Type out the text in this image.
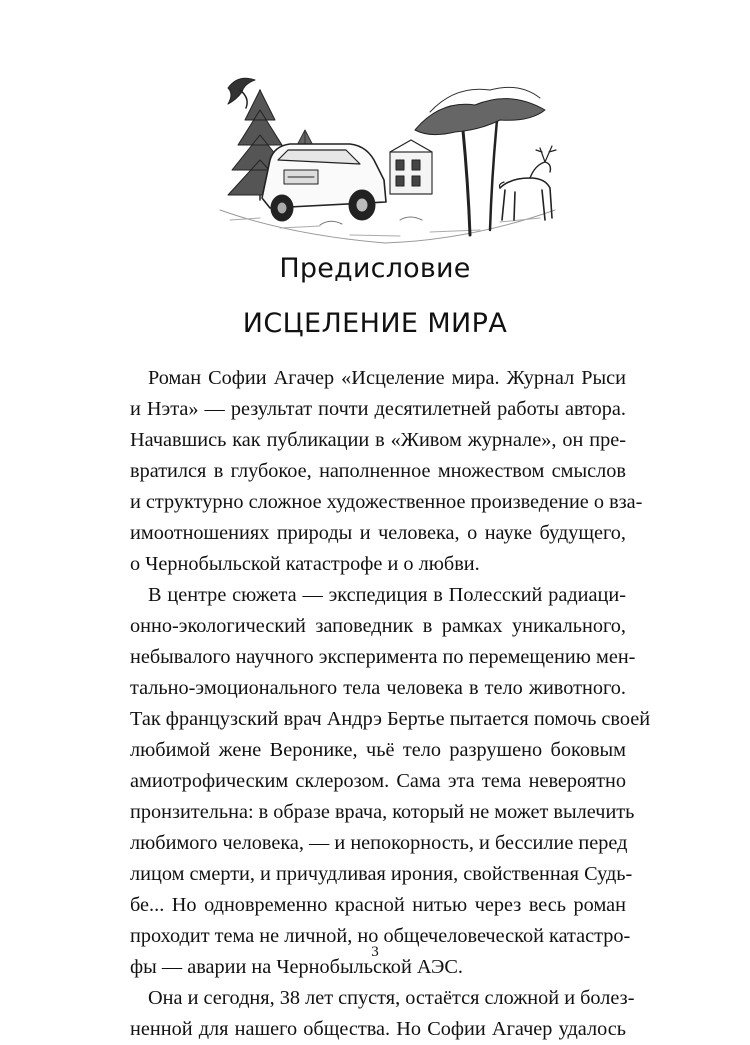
Предисловие
ИСЦЕЛЕНИЕ МИРА

Роман Софии Агачер «Исцеление мира. Журнал Рыси
и Нэта» — результат почти десятилетней работы автора.
Начавшись как публикации в «Живом журнале», он пре-
вратился в глубокое, наполненное множеством смыслов
и структурно сложное художественное произведение о вза-
имоотношениях природы и человека, о науке будущего,
о Чернобыльской катастрофе и о любви.

В центре сюжета — экспедиция в Полесский радиаци-
онно-экологический заповедник в рамках уникального,
небывалого научного эксперимента по перемещению мен-
тально-эмоционального тела человека в тело животного.
Так французский врач Андрэ Бертье пытается помочь своей
любимой жене Веронике, чьё тело разрушено боковым
амиотрофическим склерозом. Сама эта тема невероятно
пронзительна: в образе врача, который не может вылечить
любимого человека, — и непокорность, и бессилие перед
лицом смерти, и причудливая ирония, свойственная Судь-
бе... Но одновременно красной нитью через весь роман
проходит тема не личной, но общечеловеческой катастро-
фы — аварии на Чернобыльской АЭС.

Она и сегодня, 38 лет спустя, остаётся сложной и болез-
ненной для нашего общества. Но Софии Агачер удалось

3
